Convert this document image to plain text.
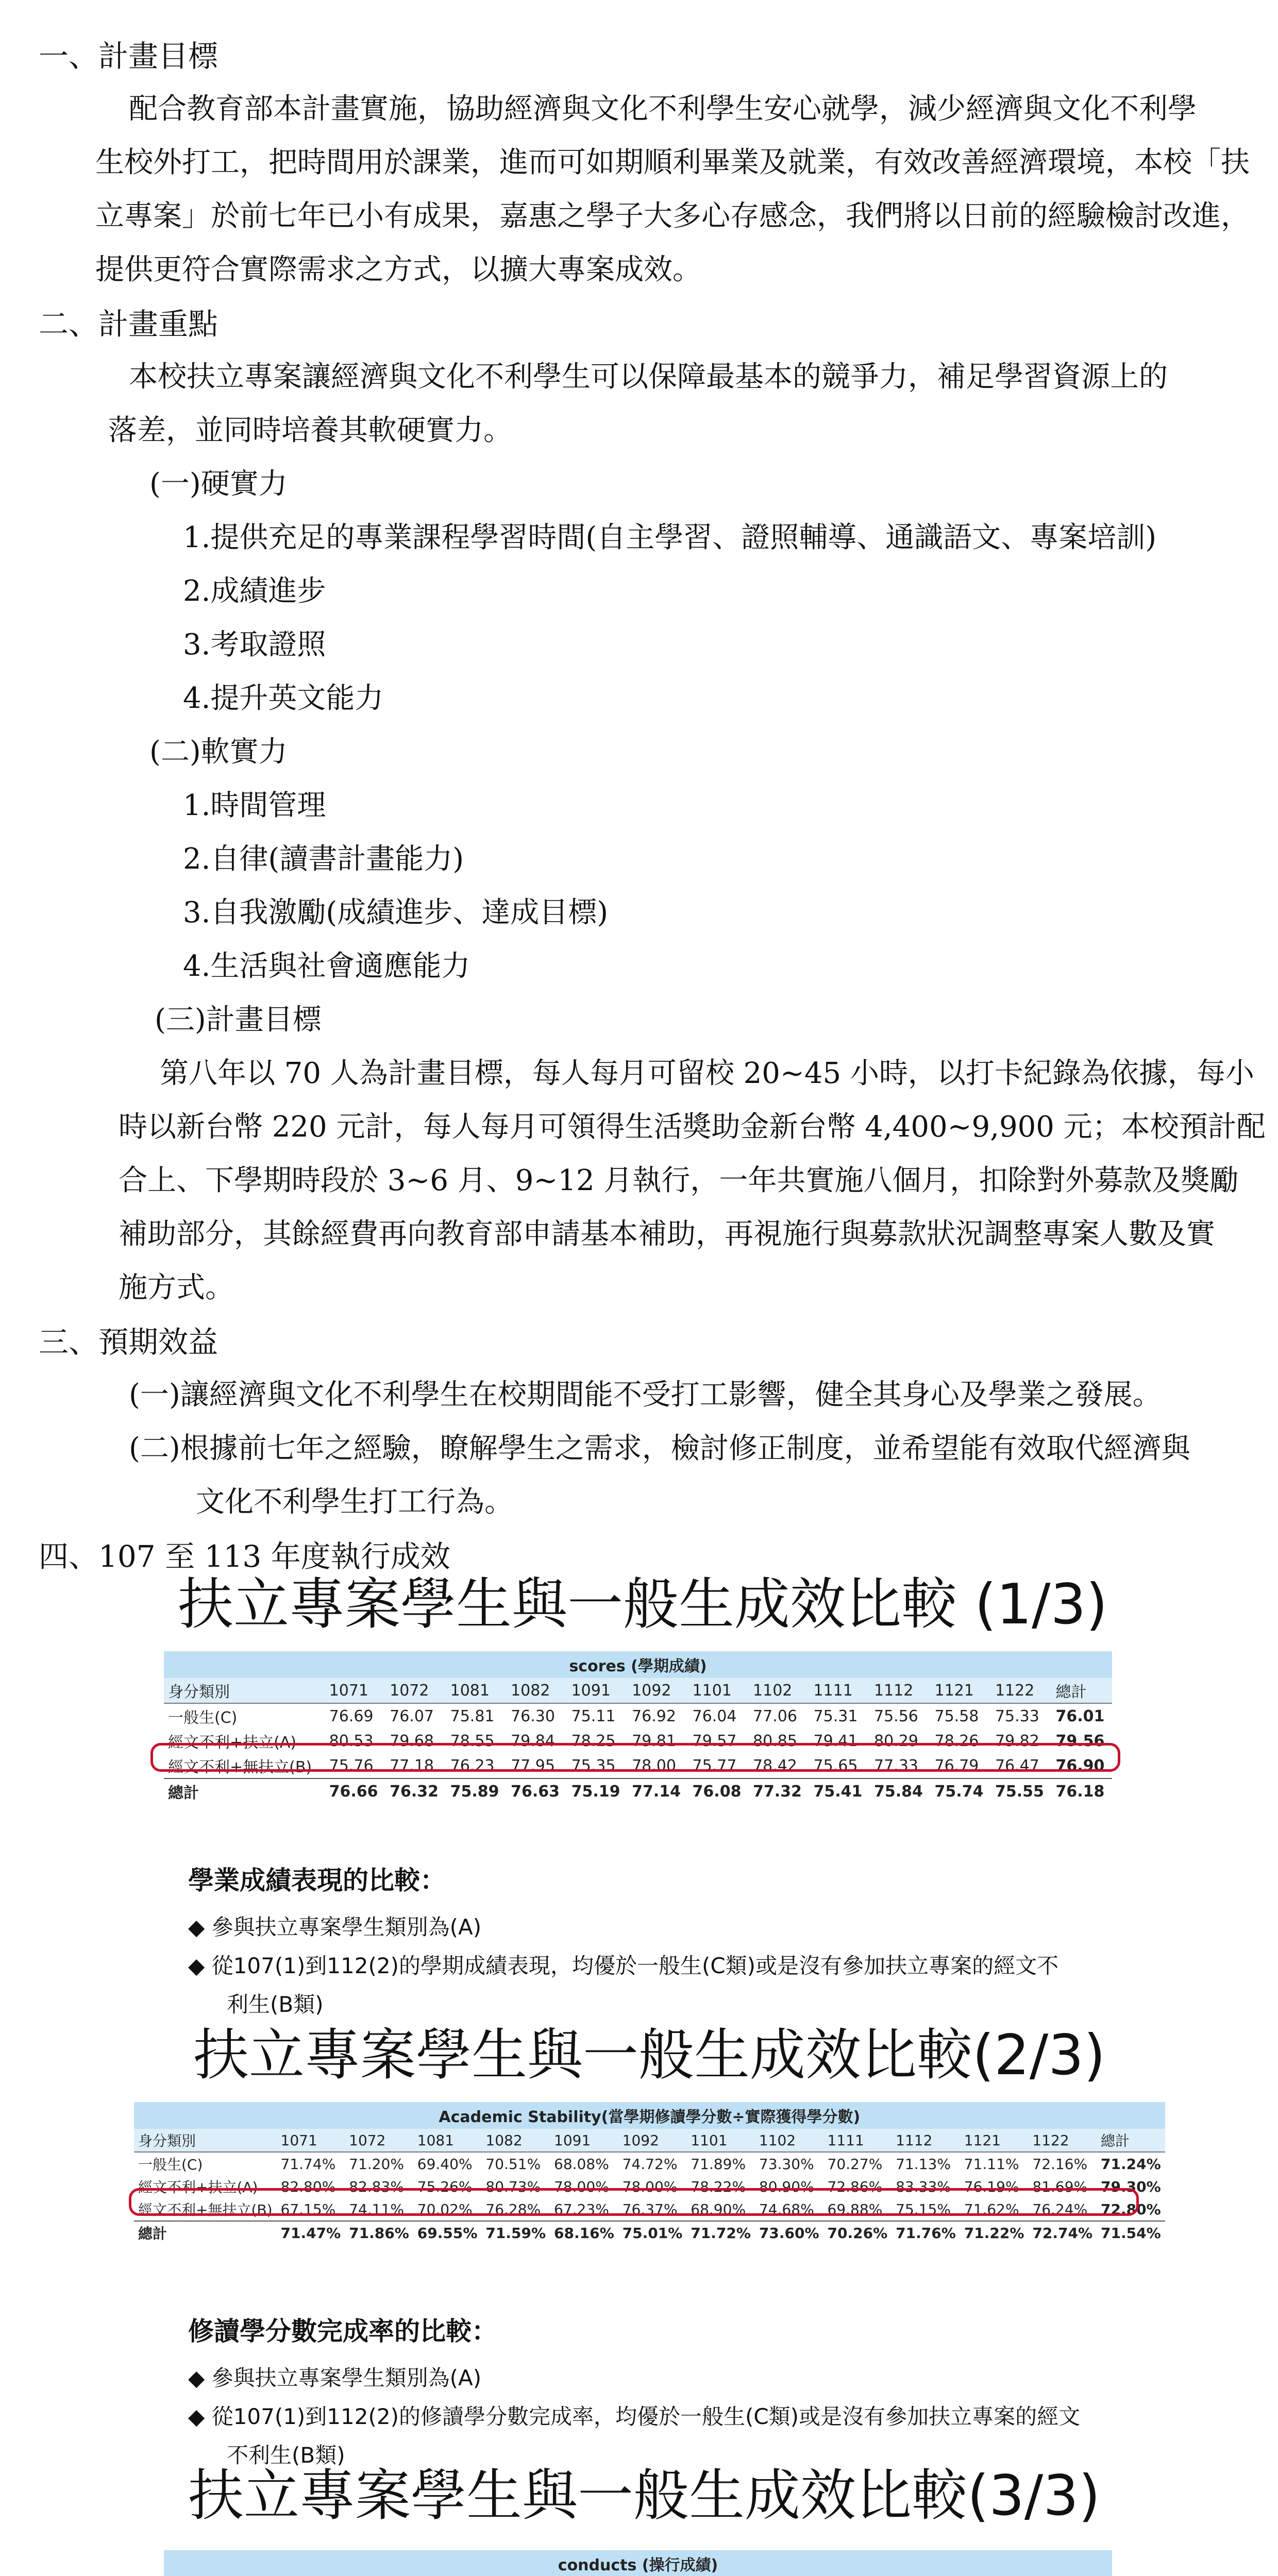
一、計畫目標
配合教育部本計畫實施，協助經濟與文化不利學生安心就學，減少經濟與文化不利學
生校外打工，把時間用於課業，進而可如期順利畢業及就業，有效改善經濟環境，本校「扶
立專案」於前七年已小有成果，嘉惠之學子大多心存感念，我們將以日前的經驗檢討改進，
提供更符合實際需求之方式，以擴大專案成效。
二、計畫重點
本校扶立專案讓經濟與文化不利學生可以保障最基本的競爭力，補足學習資源上的
落差，並同時培養其軟硬實力。
(一)硬實力
1.提供充足的專業課程學習時間(自主學習、證照輔導、通識語文、專案培訓)
2.成績進步
3.考取證照
4.提升英文能力
(二)軟實力
1.時間管理
2.自律(讀書計畫能力)
3.自我激勵(成績進步、達成目標)
4.生活與社會適應能力
(三)計畫目標
第八年以 70 人為計畫目標，每人每月可留校 20~45 小時，以打卡紀錄為依據，每小
時以新台幣 220 元計，每人每月可領得生活獎助金新台幣 4,400~9,900 元；本校預計配
合上、下學期時段於 3~6 月、9~12 月執行，一年共實施八個月，扣除對外募款及獎勵
補助部分，其餘經費再向教育部申請基本補助，再視施行與募款狀況調整專案人數及實
施方式。
三、預期效益
(一)讓經濟與文化不利學生在校期間能不受打工影響，健全其身心及學業之發展。
(二)根據前七年之經驗，瞭解學生之需求，檢討修正制度，並希望能有效取代經濟與
文化不利學生打工行為。
四、107 至 113 年度執行成效
扶立專案學生與一般生成效比較 (1/3)
scores (學期成績)
身分類別	1071	1072	1081	1082	1091	1092	1101	1102	1111	1112	1121	1122	總計
一般生(C)	76.69	76.07	75.81	76.30	75.11	76.92	76.04	77.06	75.31	75.56	75.58	75.33	76.01
經文不利+扶立(A)	80.53	79.68	78.55	79.84	78.25	79.81	79.57	80.85	79.41	80.29	78.26	79.82	79.56
經文不利+無扶立(B)	75.76	77.18	76.23	77.95	75.35	78.00	75.77	78.42	75.65	77.33	76.79	76.47	76.90
總計	76.66	76.32	75.89	76.63	75.19	77.14	76.08	77.32	75.41	75.84	75.74	75.55	76.18
學業成績表現的比較：
◆ 參與扶立專案學生類別為(A)
◆ 從107(1)到112(2)的學期成績表現，均優於一般生(C類)或是沒有參加扶立專案的經文不
利生(B類)
扶立專案學生與一般生成效比較(2/3)
Academic Stability(當學期修讀學分數÷實際獲得學分數)
身分類別	1071	1072	1081	1082	1091	1092	1101	1102	1111	1112	1121	1122	總計
一般生(C)	71.74%	71.20%	69.40%	70.51%	68.08%	74.72%	71.89%	73.30%	70.27%	71.13%	71.11%	72.16%	71.24%
經文不利+扶立(A)	82.80%	82.83%	75.26%	80.73%	78.00%	78.00%	78.22%	80.90%	72.86%	83.33%	76.19%	81.69%	79.30%
經文不利+無扶立(B)	67.15%	74.11%	70.02%	76.28%	67.23%	76.37%	68.90%	74.68%	69.88%	75.15%	71.62%	76.24%	72.80%
總計	71.47%	71.86%	69.55%	71.59%	68.16%	75.01%	71.72%	73.60%	70.26%	71.76%	71.22%	72.74%	71.54%
修讀學分數完成率的比較：
◆ 參與扶立專案學生類別為(A)
◆ 從107(1)到112(2)的修讀學分數完成率，均優於一般生(C類)或是沒有參加扶立專案的經文
不利生(B類)
扶立專案學生與一般生成效比較(3/3)
conducts (操行成績)
